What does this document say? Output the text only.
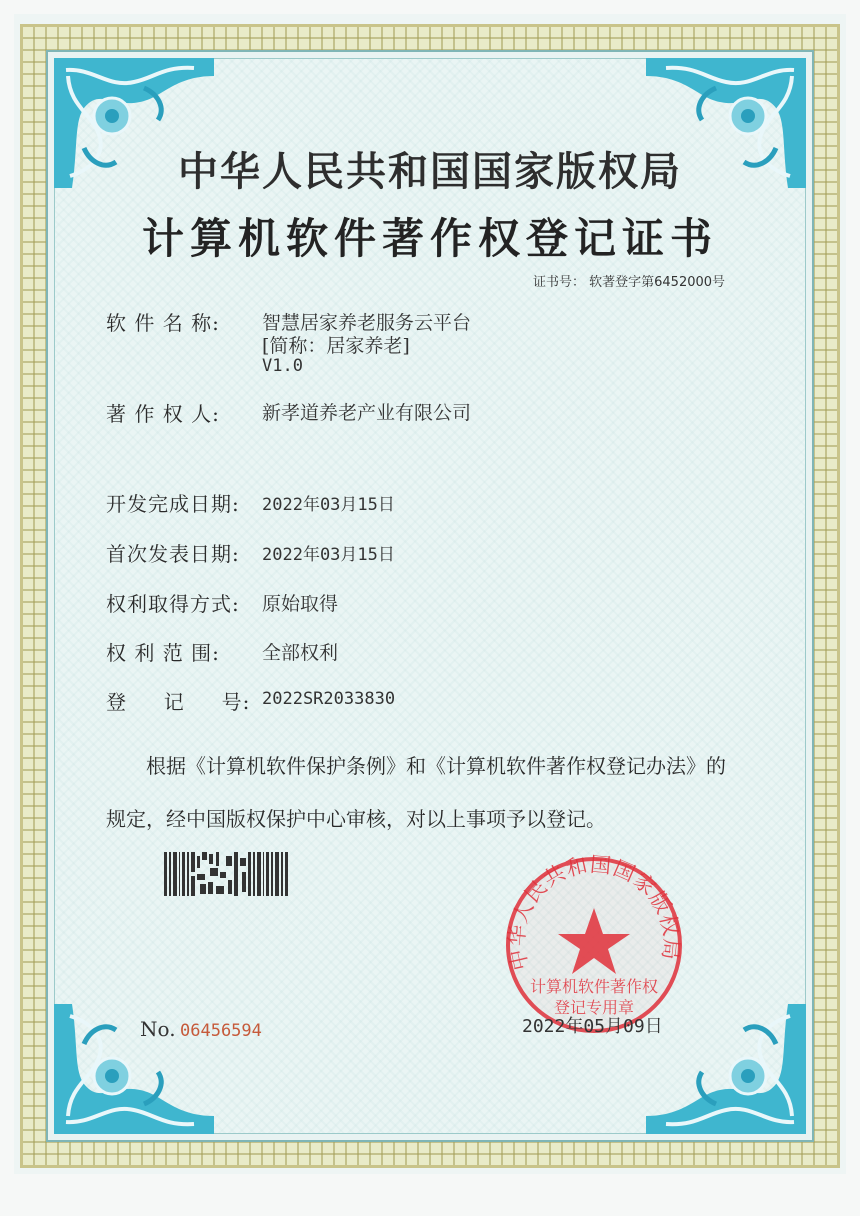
中华人民共和国国家版权局
计算机软件著作权登记证书
证书号： 软著登字第6452000号
软 件 名 称: 智慧居家养老服务云平台
[简称：居家养老]
V1.0
著 作 权 人: 新孝道养老产业有限公司
开发完成日期: 2022年03月15日
首次发表日期: 2022年03月15日
权利取得方式: 原始取得
权 利 范 围: 全部权利
登     记     号: 2022SR2033830
根据《计算机软件保护条例》和《计算机软件著作权登记办法》的
规定，经中国版权保护中心审核，对以上事项予以登记。
No. 06456594
中华人民共和国国家版权局
计算机软件著作权
登记专用章
2022年05月09日
